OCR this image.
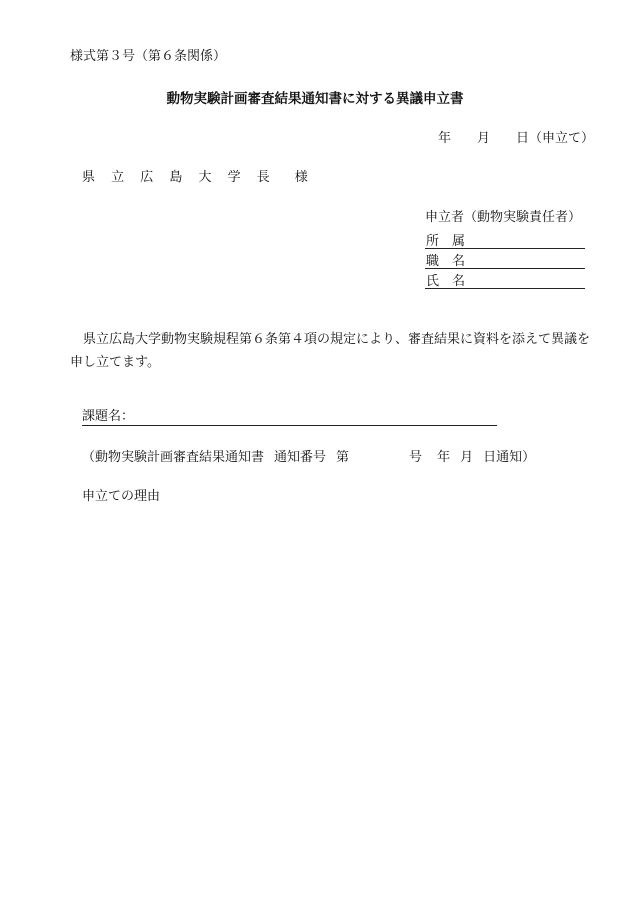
様式第３号（第６条関係）
動物実験計画審査結果通知書に対する異議申立書
年 月 日（申立て）
県 立 広 島 大 学 長　様
申立者（動物実験責任者）
所　属
職　名
氏　名
県立広島大学動物実験規程第６条第４項の規定により、審査結果に資料を添えて異議を申し立てます。
課題名：
（動物実験計画審査結果通知書 通知番号 第	号 年 月 日通知）
申立ての理由
